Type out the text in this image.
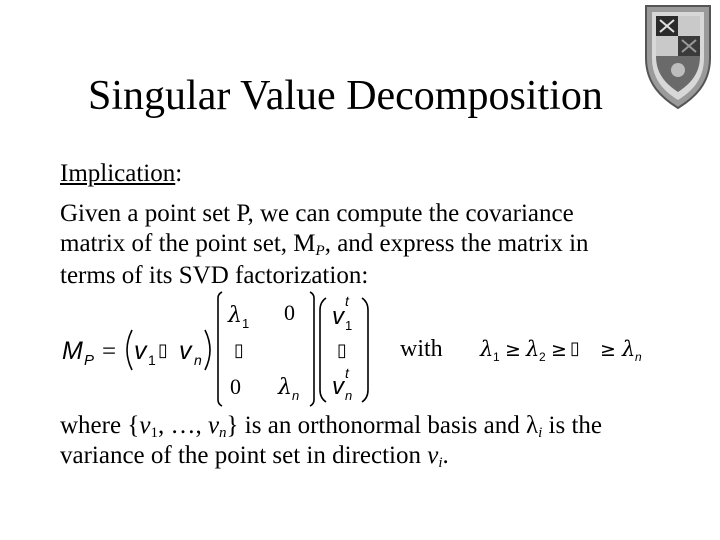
Singular Value Decomposition
Implication:
Given a point set P, we can compute the covariance
matrix of the point set, $M_P$, and express the matrix in
terms of its SVD factorization:
M P = v 1 ▯ v n
λ 1 0
▯
0 λ n
v
t
1
▯
v t
n
with λ 1 ≥ λ 2 ≥ ▯ ≥ λ n
where {$v_1$, …, $v_n$} is an orthonormal basis and $\lambda_i$ is the
variance of the point set in direction $v_i$.
